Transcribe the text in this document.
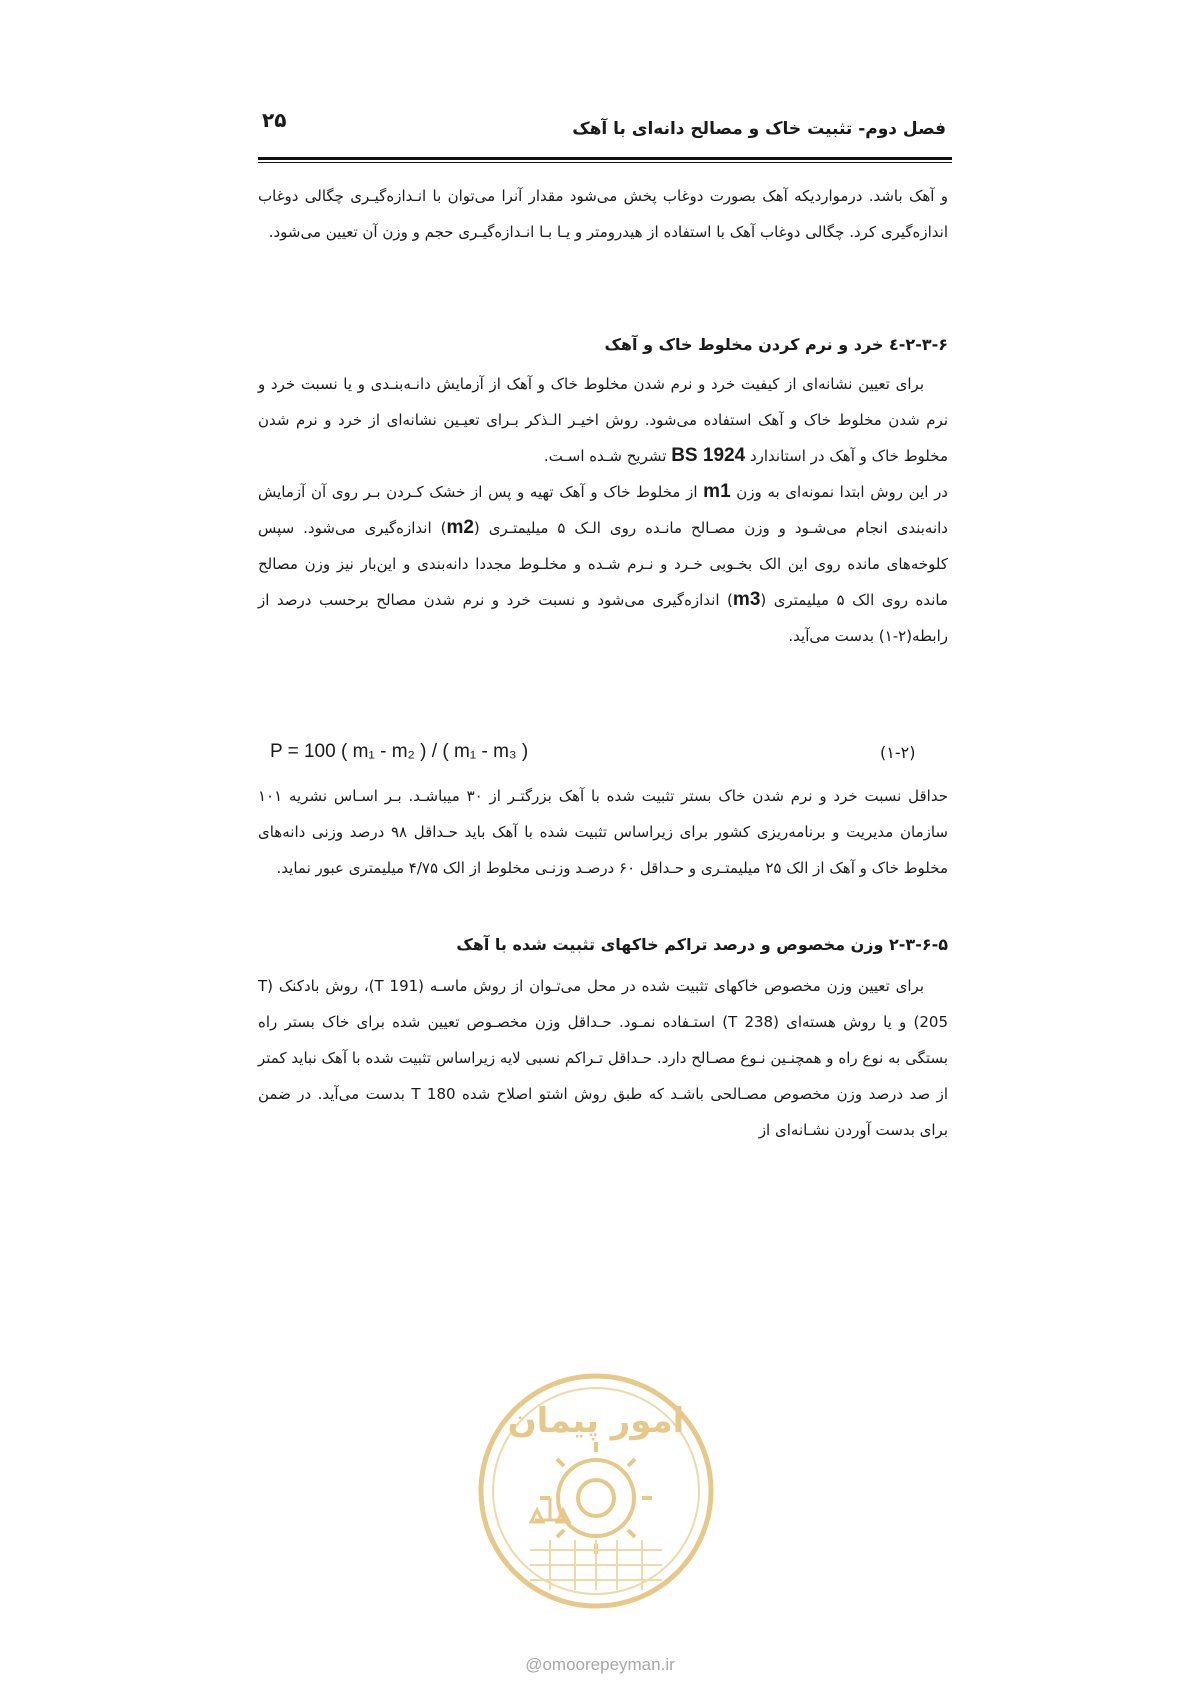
۲۵	فصل دوم- تثبیت خاک و مصالح دانه‌ای با آهک

و آهک باشد. درمواردیکه آهک بصورت دوغاب پخش می‌شود مقدار آنرا می‌توان با انـدازه‌گیـری چگالی دوغاب اندازه‌گیری کرد. چگالی دوغاب آهک با استفاده از هیدرومتر و یـا بـا انـدازه‌گیـری حجم و وزن آن تعیین می‌شود.

۲-۳-۶-٤ خرد و نرم کردن مخلوط خاک و آهک

برای تعیین نشانه‌ای از کیفیت خرد و نرم شدن مخلوط خاک و آهک از آزمایش دانـه‌بنـدی و یا نسبت خرد و نرم شدن مخلوط خاک و آهک استفاده می‌شود. روش اخیـر الـذکر بـرای تعیـین نشانه‌ای از خرد و نرم شدن مخلوط خاک و آهک در استاندارد BS 1924 تشریح شـده اسـت.

در این روش ابتدا نمونه‌ای به وزن m1 از مخلوط خاک و آهک تهیه و پس از خشک کـردن بـر روی آن آزمایش دانه‌بندی انجام می‌شـود و وزن مصـالح مانـده روی الـک ۵ میلیمتـری (m2) اندازه‌گیری می‌شود. سپس کلوخه‌های مانده روی این الک بخـوبی خـرد و نـرم شـده و مخلـوط مجددا دانه‌بندی و این‌بار نیز وزن مصالح مانده روی الک ۵ میلیمتری (m3) اندازه‌گیری می‌شود و نسبت خرد و نرم شدن مصالح برحسب درصد از رابطه(۲-۱) بدست می‌آید.

P = 100 ( m₁ - m₂ ) / ( m₁ - m₃ )	(۱-۲)

حداقل نسبت خرد و نرم شدن خاک بستر تثبیت شده با آهک بزرگتـر از ۳۰ میباشـد. بـر اسـاس نشریه ۱۰۱ سازمان مدیریت و برنامه‌ریزی کشور برای زیراساس تثبیت شده با آهک باید حـداقل ۹۸ درصد وزنی دانه‌های مخلوط خاک و آهک از الک ۲۵ میلیمتـری و حـداقل ۶۰ درصـد وزنـی مخلوط از الک ۴/۷۵ میلیمتری عبور نماید.

۲-۳-۶-۵ وزن مخصوص و درصد تراکم خاکهای تثبیت شده با آهک

برای تعیین وزن مخصوص خاکهای تثبیت شده در محل می‌تـوان از روش ماسـه (T 191)، روش بادکنک (T 205) و یا روش هسته‌ای (T 238) استـفاده نمـود. حـداقل وزن مخصـوص تعیین شده برای خاک بستر راه بستگی به نوع راه و همچنـین نـوع مصـالح دارد. حـداقل تـراکم نسبی لایه زیراساس تثبیت شده با آهک نباید کمتر از صد درصد وزن مخصوص مصـالحی باشـد که طبق روش اشتو اصلاح شده T 180 بدست می‌آید. در ضمن برای بدست آوردن نشـانه‌ای از

امور پیمان
@omoorepeyman.ir
